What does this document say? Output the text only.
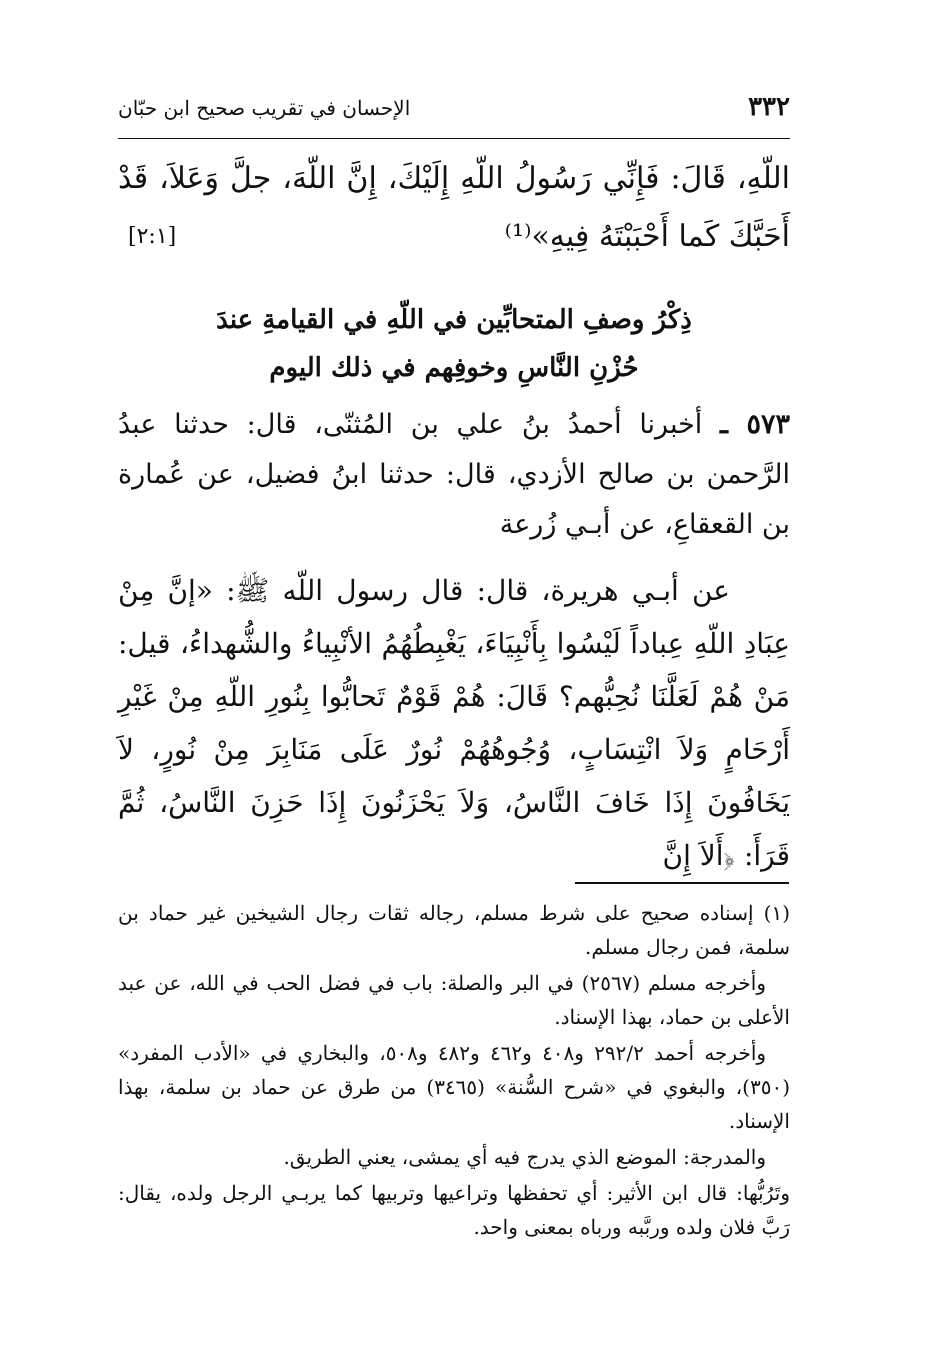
٣٣٢
الإحسان في تقريب صحيح ابن حبّان
اللّهِ، قَالَ: فَإِنِّي رَسُولُ اللّهِ إِلَيْكَ، إِنَّ اللّهَ، جلَّ وَعَلاَ، قَدْ أَحَبَّكَ كَما أَحْبَبْتَهُ فِيهِ»⁽¹⁾
[٢:١]
ذِكْرُ وصفِ المتحابِّين في اللّهِ في القيامةِ عندَ
حُزْنِ النَّاسِ وخوفِهم في ذلك اليوم
٥٧٣ ـ أخبرنا أحمدُ بنُ علي بن المُثنّى، قال: حدثنا عبدُ الرَّحمن بن صالح الأزدي، قال: حدثنا ابنُ فضيل، عن عُمارة بن القعقاعِ، عن أبـي زُرعة
عن أبـي هريرة، قال: قال رسول اللّه ﷺ: «إنَّ مِنْ عِبَادِ اللّهِ عِباداً لَيْسُوا بِأَنْبِيَاءَ، يَغْبِطُهُمُ الأنْبِياءُ والشُّهداءُ، قيل: مَنْ هُمْ لَعَلَّنَا نُحِبُّهم؟ قَالَ: هُمْ قَوْمٌ تَحابُّوا بِنُورِ اللّهِ مِنْ غَيْرِ أَرْحَامٍ وَلاَ انْتِسَابٍ، وُجُوهُهُمْ نُورٌ عَلَى مَنَابِرَ مِنْ نُورٍ، لاَ يَخَافُونَ إِذَا خَافَ النَّاسُ، وَلاَ يَحْزَنُونَ إِذَا حَزِنَ النَّاسُ، ثُمَّ قَرَأَ: ﴿أَلاَ إِنَّ

(١) إسناده صحيح على شرط مسلم، رجاله ثقات رجال الشيخين غير حماد بن سلمة، فمن رجال مسلم.

وأخرجه مسلم (٢٥٦٧) في البر والصلة: باب في فضل الحب في الله، عن عبد الأعلى بن حماد، بهذا الإسناد.

وأخرجه أحمد ٢٩٢/٢ و٤٠٨ و٤٦٢ و٤٨٢ و٥٠٨، والبخاري في «الأدب المفرد» (٣٥٠)، والبغوي في «شرح السُّنة» (٣٤٦٥) من طرق عن حماد بن سلمة، بهذا الإسناد.

والمدرجة: الموضع الذي يدرج فيه أي يمشى، يعني الطريق.

وتَرُبُّها: قال ابن الأثير: أي تحفظها وتراعيها وتربيها كما يربـي الرجل ولده، يقال: رَبَّ فلان ولده وربَّبه ورباه بمعنى واحد.
